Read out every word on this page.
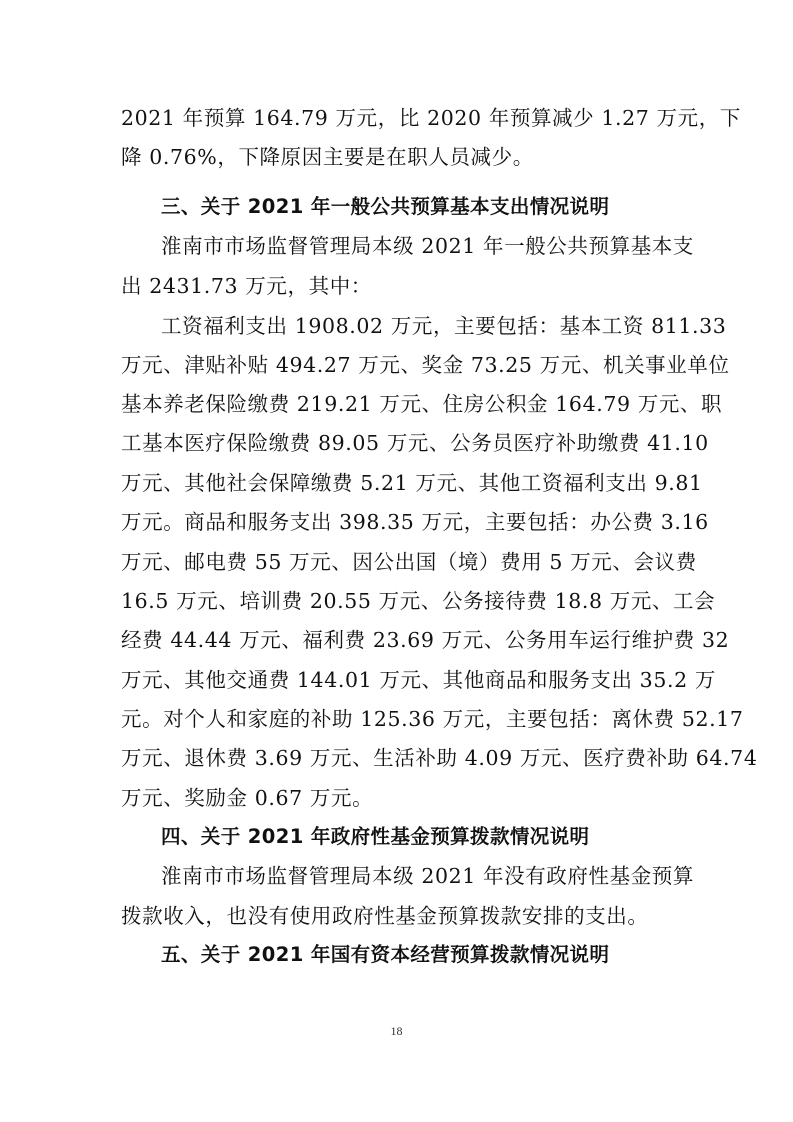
2021 年预算 164.79 万元，比 2020 年预算减少 1.27 万元，下
降 0.76%，下降原因主要是在职人员减少。
三、关于 2021 年一般公共预算基本支出情况说明
淮南市市场监督管理局本级 2021 年一般公共预算基本支
出 2431.73 万元，其中：
工资福利支出 1908.02 万元，主要包括：基本工资 811.33
万元、津贴补贴 494.27 万元、奖金 73.25 万元、机关事业单位
基本养老保险缴费 219.21 万元、住房公积金 164.79 万元、职
工基本医疗保险缴费 89.05 万元、公务员医疗补助缴费 41.10
万元、其他社会保障缴费 5.21 万元、其他工资福利支出 9.81
万元。商品和服务支出 398.35 万元，主要包括：办公费 3.16
万元、邮电费 55 万元、因公出国（境）费用 5 万元、会议费
16.5 万元、培训费 20.55 万元、公务接待费 18.8 万元、工会
经费 44.44 万元、福利费 23.69 万元、公务用车运行维护费 32
万元、其他交通费 144.01 万元、其他商品和服务支出 35.2 万
元。对个人和家庭的补助 125.36 万元，主要包括：离休费 52.17
万元、退休费 3.69 万元、生活补助 4.09 万元、医疗费补助 64.74
万元、奖励金 0.67 万元。
四、关于 2021 年政府性基金预算拨款情况说明
淮南市市场监督管理局本级 2021 年没有政府性基金预算
拨款收入，也没有使用政府性基金预算拨款安排的支出。
五、关于 2021 年国有资本经营预算拨款情况说明
18
